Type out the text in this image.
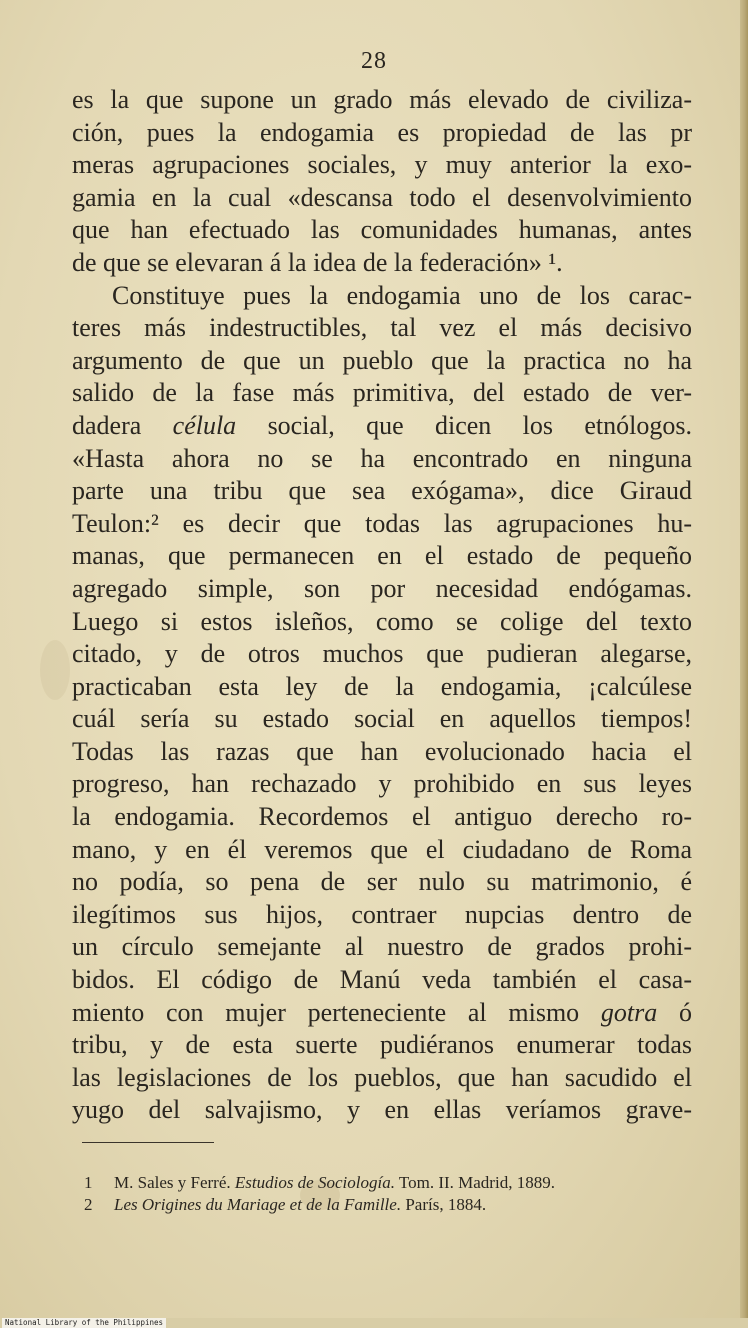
28
es la que supone un grado más elevado de civiliza-
ción, pues la endogamia es propiedad de las pr
meras agrupaciones sociales, y muy anterior la exo-
gamia en la cual «descansa todo el desenvolvimiento
que han efectuado las comunidades humanas, antes
de que se elevaran á la idea de la federación» ¹.
Constituye pues la endogamia uno de los carac-
teres más indestructibles, tal vez el más decisivo
argumento de que un pueblo que la practica no ha
salido de la fase más primitiva, del estado de ver-
dadera célula social, que dicen los etnólogos.
«Hasta ahora no se ha encontrado en ninguna
parte una tribu que sea exógama», dice Giraud
Teulon:² es decir que todas las agrupaciones hu-
manas, que permanecen en el estado de pequeño
agregado simple, son por necesidad endógamas.
Luego si estos isleños, como se colige del texto
citado, y de otros muchos que pudieran alegarse,
practicaban esta ley de la endogamia, ¡calcúlese
cuál sería su estado social en aquellos tiempos!
Todas las razas que han evolucionado hacia el
progreso, han rechazado y prohibido en sus leyes
la endogamia. Recordemos el antiguo derecho ro-
mano, y en él veremos que el ciudadano de Roma
no podía, so pena de ser nulo su matrimonio, é
ilegítimos sus hijos, contraer nupcias dentro de
un círculo semejante al nuestro de grados prohi-
bidos. El código de Manú veda también el casa-
miento con mujer perteneciente al mismo gotra ó
tribu, y de esta suerte pudiéranos enumerar todas
las legislaciones de los pueblos, que han sacudido el
yugo del salvajismo, y en ellas veríamos grave-
1 M. Sales y Ferré. Estudios de Sociología. Tom. II. Madrid, 1889.
2 Les Origines du Mariage et de la Famille. París, 1884.
National Library of the Philippines
